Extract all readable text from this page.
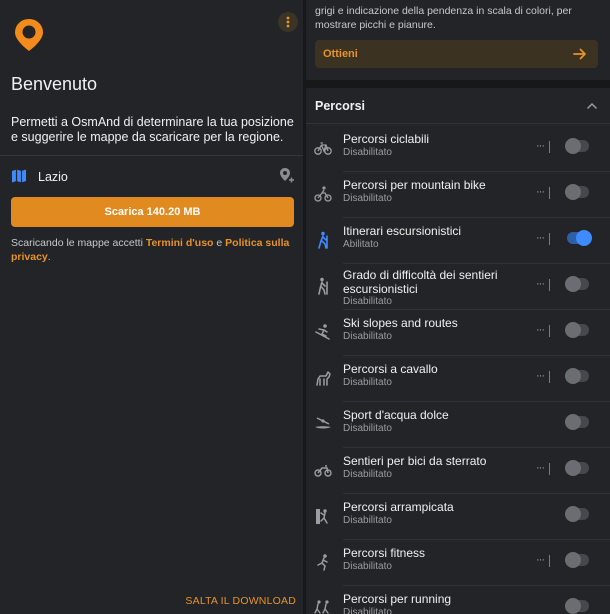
Benvenuto
Permetti a OsmAnd di determinare la tua posizione e suggerire le mappe da scaricare per la regione.
Lazio
Scarica 140.20 MB
Scaricando le mappe accetti Termini d'uso e Politica sulla privacy.
SALTA IL DOWNLOAD
grigi e indicazione della pendenza in scala di colori, per mostrare picchi e pianure.
Ottieni
Percorsi
Percorsi ciclabili
Disabilitato
···
Percorsi per mountain bike
Disabilitato
···
Itinerari escursionistici
Abilitato
···
Grado di difficoltà dei sentieri escursionistici
Disabilitato
···
Ski slopes and routes
Disabilitato
···
Percorsi a cavallo
Disabilitato
···
Sport d'acqua dolce
Disabilitato
Sentieri per bici da sterrato
Disabilitato
···
Percorsi arrampicata
Disabilitato
Percorsi fitness
Disabilitato
···
Percorsi per running
Disabilitato
